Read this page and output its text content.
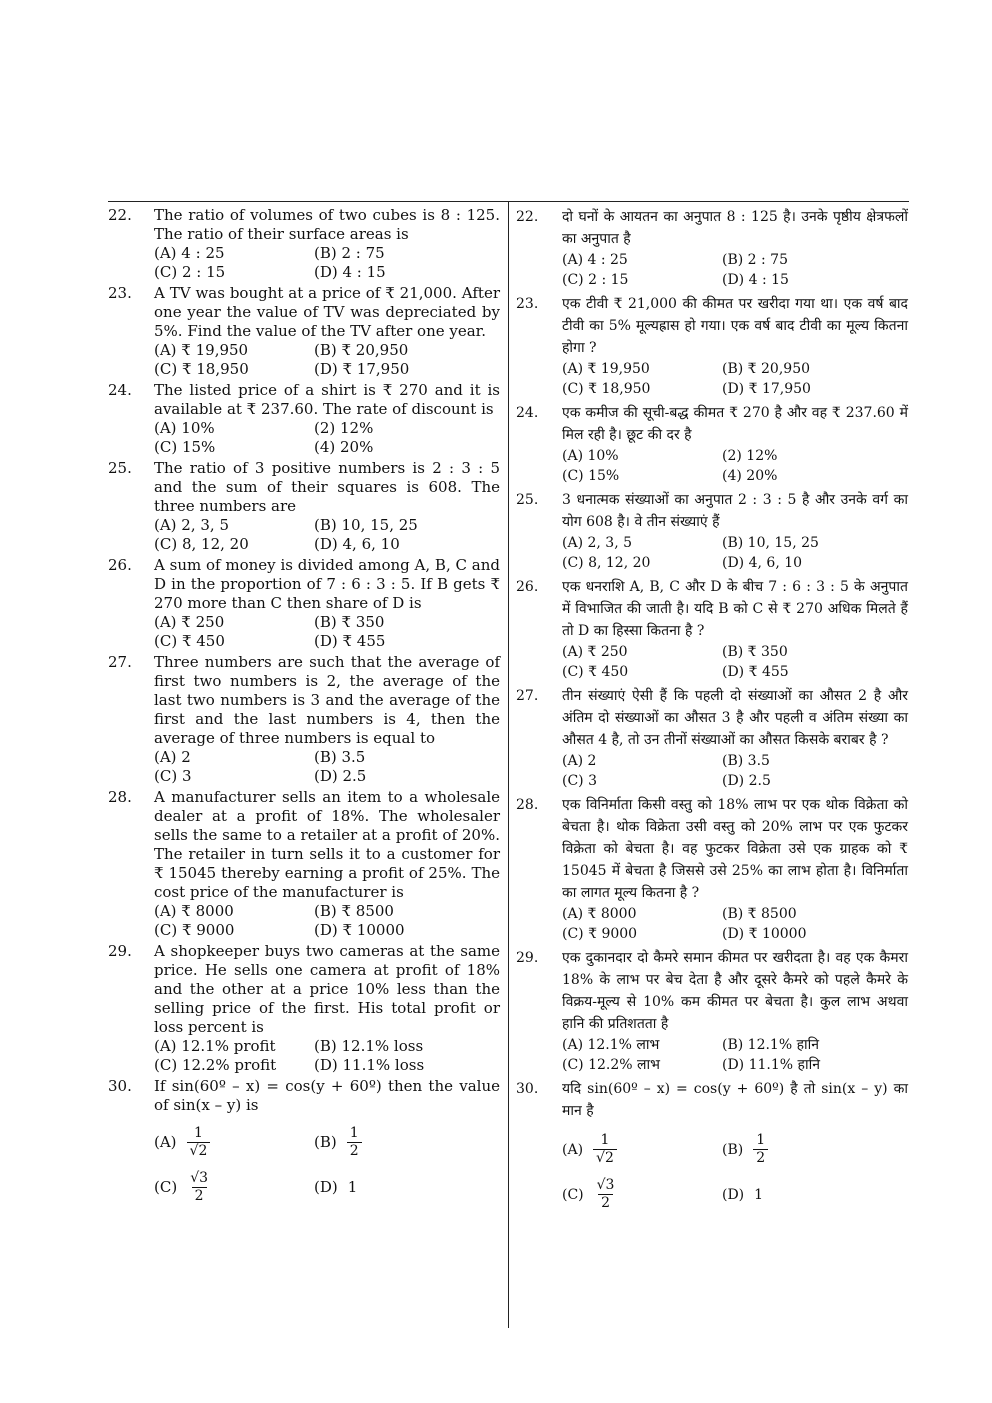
22.	The ratio of volumes of two cubes is 8 : 125. The ratio of their surface areas is
(A) 4 : 25	(B) 2 : 75
(C) 2 : 15	(D) 4 : 15
23.	A TV was bought at a price of ₹ 21,000. After one year the value of TV was depreciated by 5%. Find the value of the TV after one year.
(A) ₹ 19,950	(B) ₹ 20,950
(C) ₹ 18,950	(D) ₹ 17,950
24.	The listed price of a shirt is ₹ 270 and it is available at ₹ 237.60. The rate of discount is
(A) 10%	(2) 12%
(C) 15%	(4) 20%
25.	The ratio of 3 positive numbers is 2 : 3 : 5 and the sum of their squares is 608. The three numbers are
(A) 2, 3, 5	(B) 10, 15, 25
(C) 8, 12, 20	(D) 4, 6, 10
26.	A sum of money is divided among A, B, C and D in the proportion of 7 : 6 : 3 : 5. If B gets ₹ 270 more than C then share of D is
(A) ₹ 250	(B) ₹ 350
(C) ₹ 450	(D) ₹ 455
27.	Three numbers are such that the average of first two numbers is 2, the average of the last two numbers is 3 and the average of the first and the last numbers is 4, then the average of three numbers is equal to
(A) 2	(B) 3.5
(C) 3	(D) 2.5
28.	A manufacturer sells an item to a wholesale dealer at a profit of 18%. The wholesaler sells the same to a retailer at a profit of 20%. The retailer in turn sells it to a customer for ₹ 15045 thereby earning a profit of 25%. The cost price of the manufacturer is
(A) ₹ 8000	(B) ₹ 8500
(C) ₹ 9000	(D) ₹ 10000
29.	A shopkeeper buys two cameras at the same price. He sells one camera at profit of 18% and the other at a price 10% less than the selling price of the first. His total profit or loss percent is
(A) 12.1% profit	(B) 12.1% loss
(C) 12.2% profit	(D) 11.1% loss
30.	If sin(60º – x) = cos(y + 60º) then the value of sin(x – y) is
$(A) \frac{1}{√2}$	$(B) \frac{1}{2}$
$(C) \frac{√3}{2}$	(D) 1
22.	दो घनों के आयतन का अनुपात 8 : 125 है। उनके पृष्ठीय क्षेत्रफलों का अनुपात है
(A) 4 : 25	(B) 2 : 75
(C) 2 : 15	(D) 4 : 15
23.	एक टीवी ₹ 21,000 की कीमत पर खरीदा गया था। एक वर्ष बाद टीवी का 5% मूल्यह्रास हो गया। एक वर्ष बाद टीवी का मूल्य कितना होगा ?
(A) ₹ 19,950	(B) ₹ 20,950
(C) ₹ 18,950	(D) ₹ 17,950
24.	एक कमीज की सूची-बद्ध कीमत ₹ 270 है और वह ₹ 237.60 में मिल रही है। छूट की दर है
(A) 10%	(2) 12%
(C) 15%	(4) 20%
25.	3 धनात्मक संख्याओं का अनुपात 2 : 3 : 5 है और उनके वर्ग का योग 608 है। वे तीन संख्याएं हैं
(A) 2, 3, 5	(B) 10, 15, 25
(C) 8, 12, 20	(D) 4, 6, 10
26.	एक धनराशि A, B, C और D के बीच 7 : 6 : 3 : 5 के अनुपात में विभाजित की जाती है। यदि B को C से ₹ 270 अधिक मिलते हैं तो D का हिस्सा कितना है ?
(A) ₹ 250	(B) ₹ 350
(C) ₹ 450	(D) ₹ 455
27.	तीन संख्याएं ऐसी हैं कि पहली दो संख्याओं का औसत 2 है और अंतिम दो संख्याओं का औसत 3 है और पहली व अंतिम संख्या का औसत 4 है, तो उन तीनों संख्याओं का औसत किसके बराबर है ?
(A) 2	(B) 3.5
(C) 3	(D) 2.5
28.	एक विनिर्माता किसी वस्तु को 18% लाभ पर एक थोक विक्रेता को बेचता है। थोक विक्रेता उसी वस्तु को 20% लाभ पर एक फुटकर विक्रेता को बेचता है। वह फुटकर विक्रेता उसे एक ग्राहक को ₹ 15045 में बेचता है जिससे उसे 25% का लाभ होता है। विनिर्माता का लागत मूल्य कितना है ?
(A) ₹ 8000	(B) ₹ 8500
(C) ₹ 9000	(D) ₹ 10000
29.	एक दुकानदार दो कैमरे समान कीमत पर खरीदता है। वह एक कैमरा 18% के लाभ पर बेच देता है और दूसरे कैमरे को पहले कैमरे के विक्रय-मूल्य से 10% कम कीमत पर बेचता है। कुल लाभ अथवा हानि की प्रतिशतता है
(A) 12.1% लाभ	(B) 12.1% हानि
(C) 12.2% लाभ	(D) 11.1% हानि
30.	यदि sin(60º – x) = cos(y + 60º) है तो sin(x – y) का मान है
$(A) \frac{1}{√2}$	$(B) \frac{1}{2}$
$(C) \frac{√3}{2}$	(D) 1
